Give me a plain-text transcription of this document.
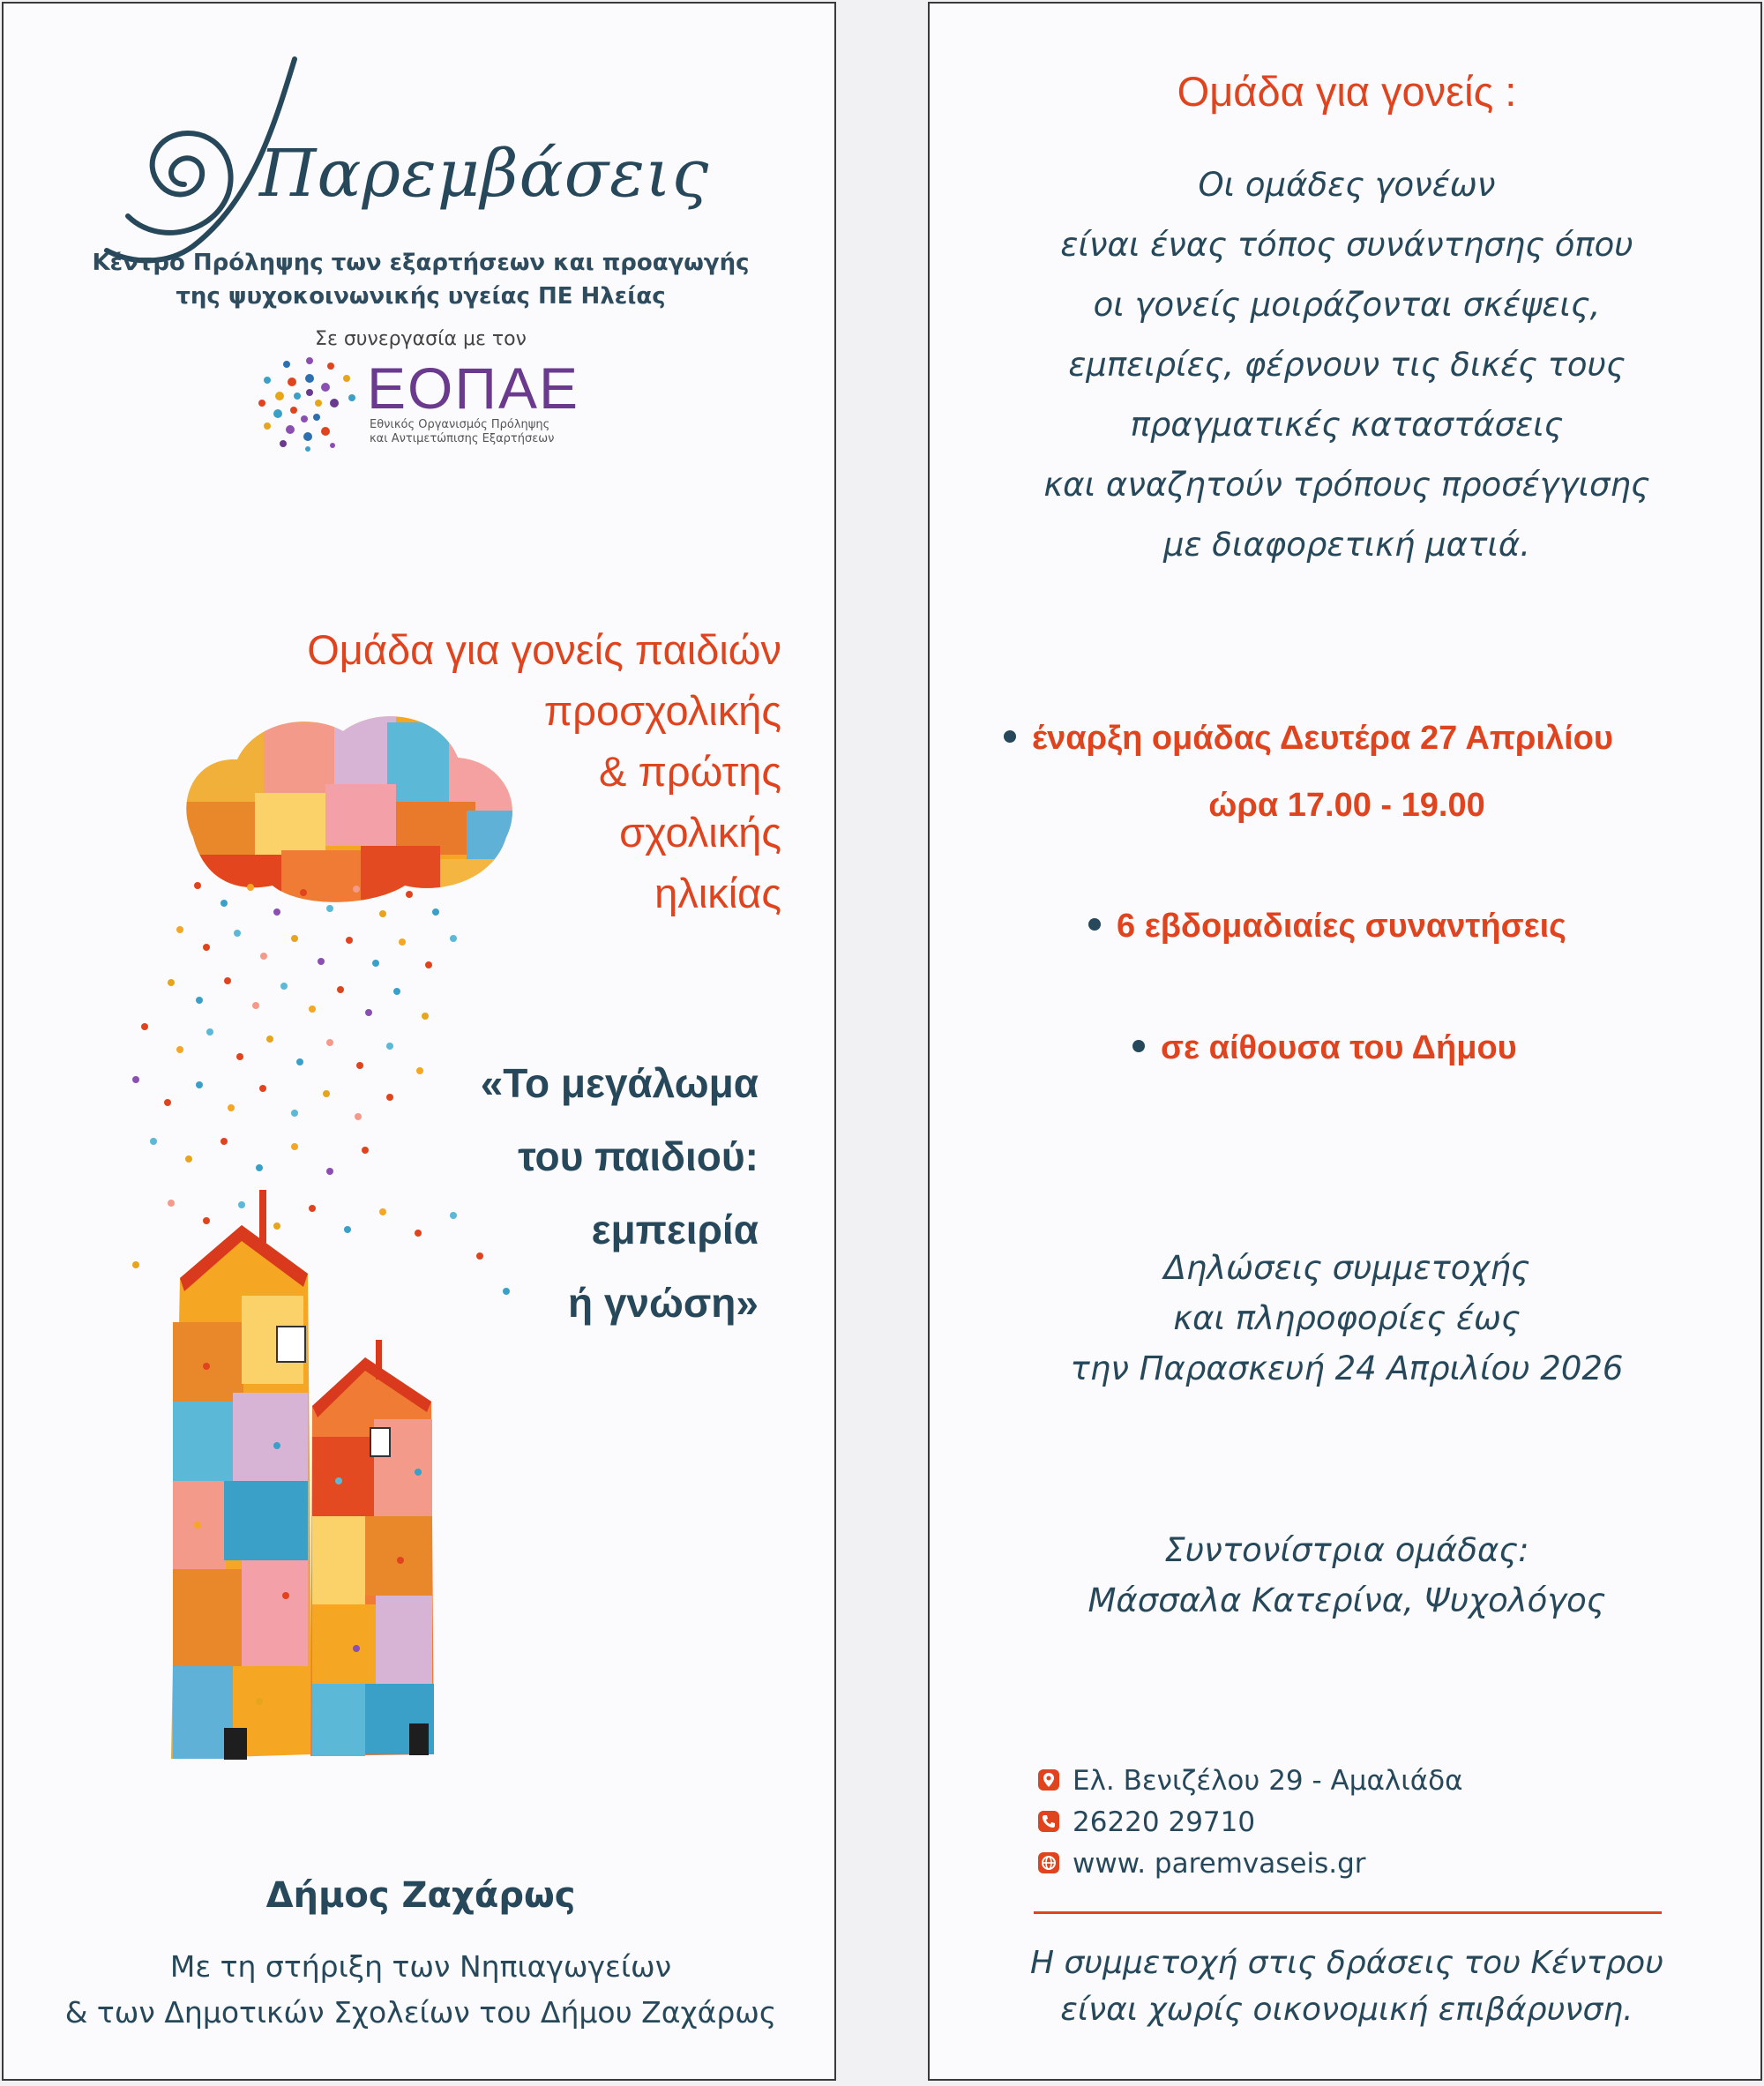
Παρεμβάσεις
Κέντρο Πρόληψης των εξαρτήσεων και προαγωγής
της ψυχοκοινωνικής υγείας ΠΕ Ηλείας
Σε συνεργασία με τον
ΕΟΠΑΕ
Εθνικός Οργανισμός Πρόληψης
και Αντιμετώπισης Εξαρτήσεων
Ομάδα για γονείς παιδιών
προσχολικής
& πρώτης
σχολικής
ηλικίας
«Το μεγάλωμα
του παιδιού:
εμπειρία
ή γνώση»
Δήμος Ζαχάρως
Με τη στήριξη των Νηπιαγωγείων
& των Δημοτικών Σχολείων του Δήμου Ζαχάρως
Ομάδα για γονείς :
Οι ομάδες γονέων
είναι ένας τόπος συνάντησης όπου
οι γονείς μοιράζονται σκέψεις,
εμπειρίες, φέρνουν τις δικές τους
πραγματικές καταστάσεις
και αναζητούν τρόπους προσέγγισης
με διαφορετική ματιά.
έναρξη ομάδας Δευτέρα 27 Απριλίου
ώρα 17.00 - 19.00
6 εβδομαδιαίες συναντήσεις
σε αίθουσα του Δήμου
Δηλώσεις συμμετοχής
και πληροφορίες έως
την Παρασκευή 24 Απριλίου 2026
Συντονίστρια ομάδας:
Μάσσαλα Κατερίνα, Ψυχολόγος
Ελ. Βενιζέλου 29 - Αμαλιάδα
26220 29710
www. paremvaseis.gr
Η συμμετοχή στις δράσεις του Κέντρου
είναι χωρίς οικονομική επιβάρυνση.
